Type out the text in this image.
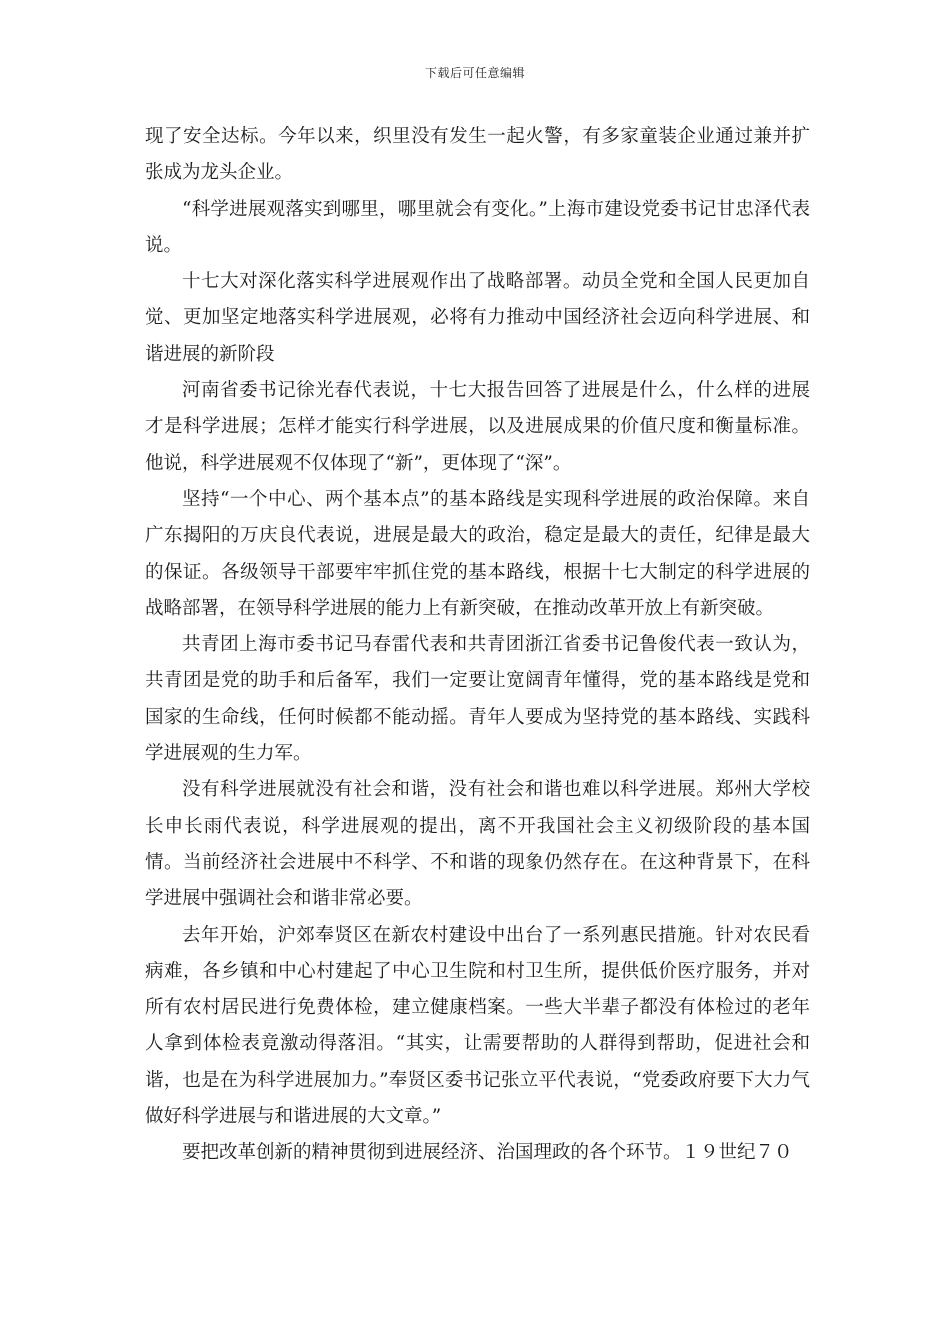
下载后可任意编辑

现了安全达标。今年以来，织里没有发生一起火警，有多家童装企业通过兼并扩张成为龙头企业。

“科学进展观落实到哪里，哪里就会有变化。”上海市建设党委书记甘忠泽代表说。

十七大对深化落实科学进展观作出了战略部署。动员全党和全国人民更加自觉、更加坚定地落实科学进展观，必将有力推动中国经济社会迈向科学进展、和谐进展的新阶段

河南省委书记徐光春代表说，十七大报告回答了进展是什么，什么样的进展才是科学进展；怎样才能实行科学进展，以及进展成果的价值尺度和衡量标准。他说，科学进展观不仅体现了“新”，更体现了“深”。

坚持“一个中心、两个基本点”的基本路线是实现科学进展的政治保障。来自广东揭阳的万庆良代表说，进展是最大的政治，稳定是最大的责任，纪律是最大的保证。各级领导干部要牢牢抓住党的基本路线，根据十七大制定的科学进展的战略部署，在领导科学进展的能力上有新突破，在推动改革开放上有新突破。

共青团上海市委书记马春雷代表和共青团浙江省委书记鲁俊代表一致认为，共青团是党的助手和后备军，我们一定要让宽阔青年懂得，党的基本路线是党和国家的生命线，任何时候都不能动摇。青年人要成为坚持党的基本路线、实践科学进展观的生力军。

没有科学进展就没有社会和谐，没有社会和谐也难以科学进展。郑州大学校长申长雨代表说，科学进展观的提出，离不开我国社会主义初级阶段的基本国情。当前经济社会进展中不科学、不和谐的现象仍然存在。在这种背景下，在科学进展中强调社会和谐非常必要。

去年开始，沪郊奉贤区在新农村建设中出台了一系列惠民措施。针对农民看病难，各乡镇和中心村建起了中心卫生院和村卫生所，提供低价医疗服务，并对所有农村居民进行免费体检，建立健康档案。一些大半辈子都没有体检过的老年人拿到体检表竟激动得落泪。“其实，让需要帮助的人群得到帮助，促进社会和谐，也是在为科学进展加力。”奉贤区委书记张立平代表说，“党委政府要下大力气做好科学进展与和谐进展的大文章。”

要把改革创新的精神贯彻到进展经济、治国理政的各个环节。１９世纪７０
